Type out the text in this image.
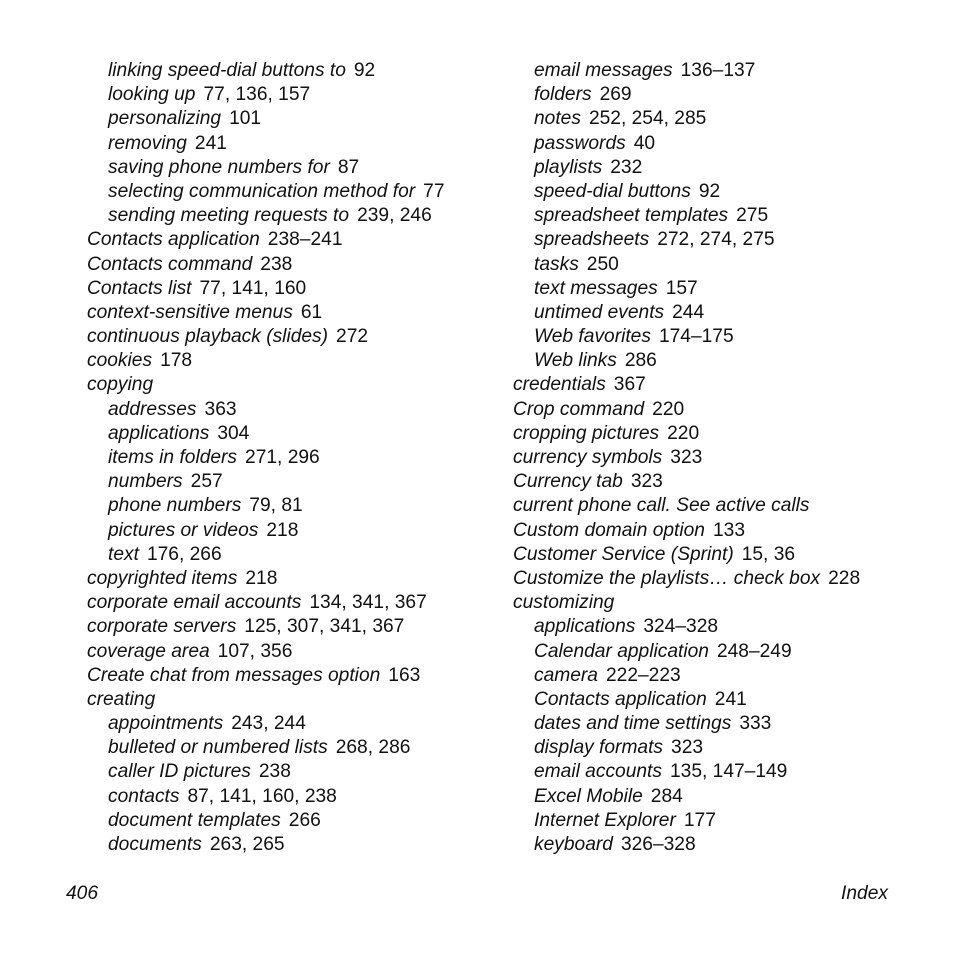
linking speed-dial buttons to 92
looking up 77, 136, 157
personalizing 101
removing 241
saving phone numbers for 87
selecting communication method for 77
sending meeting requests to 239, 246
Contacts application 238–241
Contacts command 238
Contacts list 77, 141, 160
context-sensitive menus 61
continuous playback (slides) 272
cookies 178
copying
addresses 363
applications 304
items in folders 271, 296
numbers 257
phone numbers 79, 81
pictures or videos 218
text 176, 266
copyrighted items 218
corporate email accounts 134, 341, 367
corporate servers 125, 307, 341, 367
coverage area 107, 356
Create chat from messages option 163
creating
appointments 243, 244
bulleted or numbered lists 268, 286
caller ID pictures 238
contacts 87, 141, 160, 238
document templates 266
documents 263, 265
email messages 136–137
folders 269
notes 252, 254, 285
passwords 40
playlists 232
speed-dial buttons 92
spreadsheet templates 275
spreadsheets 272, 274, 275
tasks 250
text messages 157
untimed events 244
Web favorites 174–175
Web links 286
credentials 367
Crop command 220
cropping pictures 220
currency symbols 323
Currency tab 323
current phone call. See active calls
Custom domain option 133
Customer Service (Sprint) 15, 36
Customize the playlists… check box 228
customizing
applications 324–328
Calendar application 248–249
camera 222–223
Contacts application 241
dates and time settings 333
display formats 323
email accounts 135, 147–149
Excel Mobile 284
Internet Explorer 177
keyboard 326–328
406	Index
